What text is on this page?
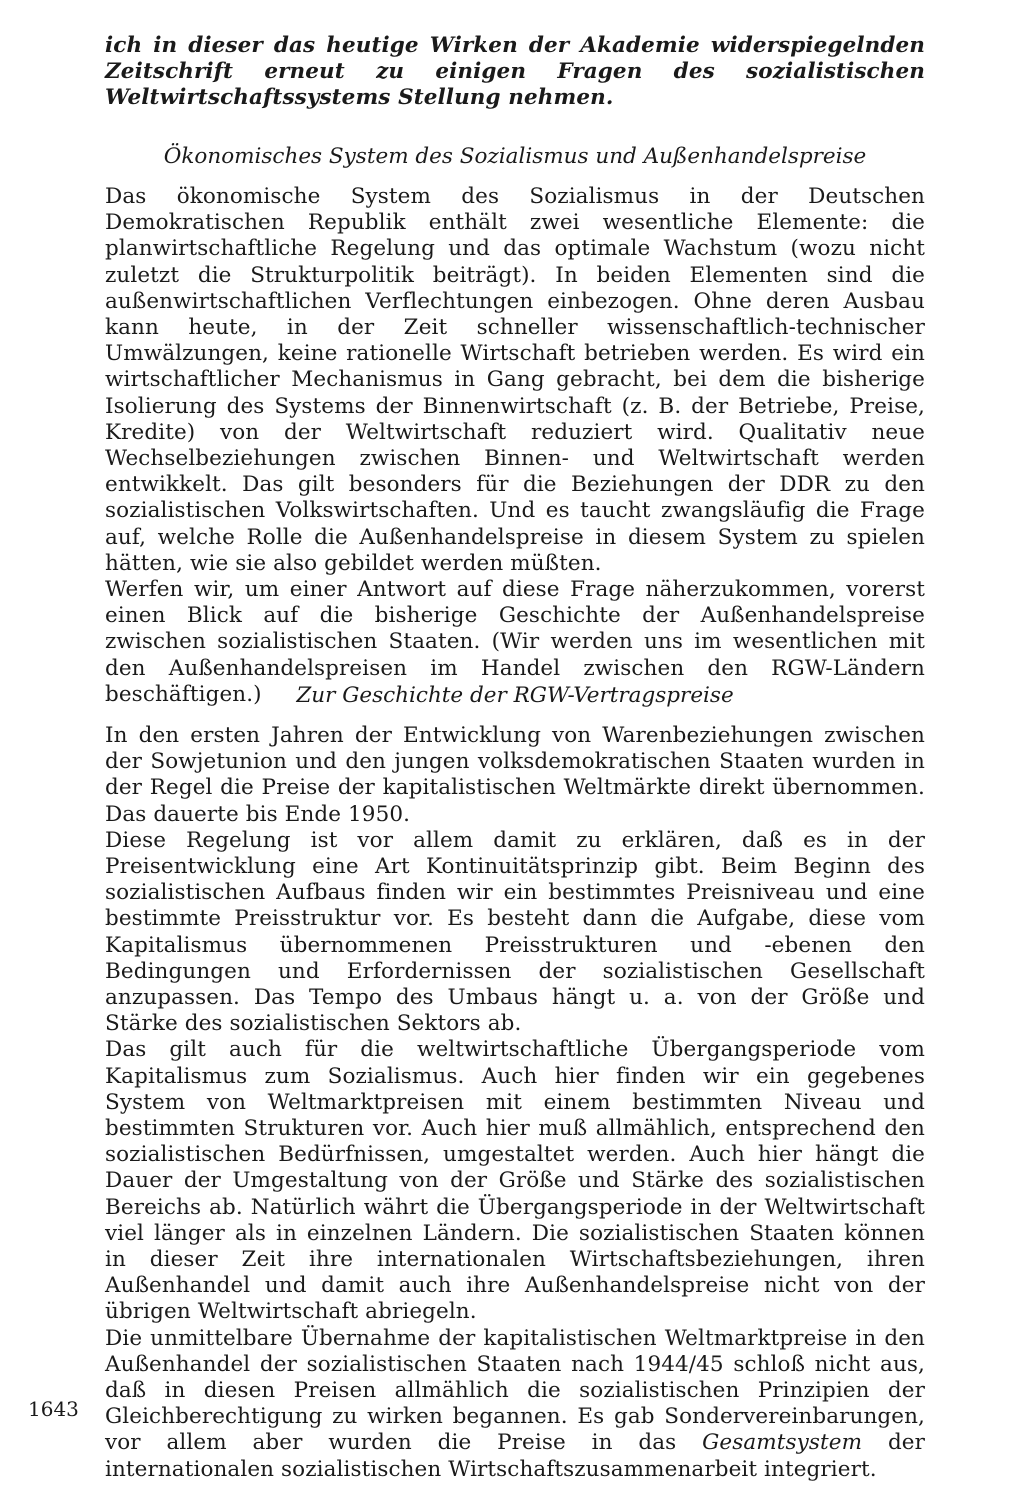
ich in dieser das heutige Wirken der Akademie widerspiegelnden Zeitschrift erneut zu einigen Fragen des sozialistischen Weltwirtschaftssystems Stellung nehmen.

Ökonomisches System des Sozialismus und Außenhandelspreise

Das ökonomische System des Sozialismus in der Deutschen Demokratischen Republik enthält zwei wesentliche Elemente: die planwirtschaftliche Regelung und das optimale Wachstum (wozu nicht zuletzt die Strukturpolitik beiträgt). In beiden Elementen sind die außenwirtschaftlichen Verflechtungen einbezogen. Ohne deren Ausbau kann heute, in der Zeit schneller wissenschaftlich-technischer Umwälzungen, keine rationelle Wirtschaft betrieben werden. Es wird ein wirtschaftlicher Mechanismus in Gang gebracht, bei dem die bisherige Isolierung des Systems der Binnenwirtschaft (z. B. der Betriebe, Preise, Kredite) von der Weltwirtschaft reduziert wird. Qualitativ neue Wechselbeziehungen zwischen Binnen- und Weltwirtschaft werden entwikkelt. Das gilt besonders für die Beziehungen der DDR zu den sozialistischen Volkswirtschaften. Und es taucht zwangsläufig die Frage auf, welche Rolle die Außenhandelspreise in diesem System zu spielen hätten, wie sie also gebildet werden müßten.

Werfen wir, um einer Antwort auf diese Frage näherzukommen, vorerst einen Blick auf die bisherige Geschichte der Außenhandelspreise zwischen sozialistischen Staaten. (Wir werden uns im wesentlichen mit den Außenhandelspreisen im Handel zwischen den RGW-Ländern beschäftigen.)	Zur Geschichte der RGW-Vertragspreise

In den ersten Jahren der Entwicklung von Warenbeziehungen zwischen der Sowjetunion und den jungen volksdemokratischen Staaten wurden in der Regel die Preise der kapitalistischen Weltmärkte direkt übernommen. Das dauerte bis Ende 1950.

Diese Regelung ist vor allem damit zu erklären, daß es in der Preisentwicklung eine Art Kontinuitätsprinzip gibt. Beim Beginn des sozialistischen Aufbaus finden wir ein bestimmtes Preisniveau und eine bestimmte Preisstruktur vor. Es besteht dann die Aufgabe, diese vom Kapitalismus übernommenen Preisstrukturen und -ebenen den Bedingungen und Erfordernissen der sozialistischen Gesellschaft anzupassen. Das Tempo des Umbaus hängt u. a. von der Größe und Stärke des sozialistischen Sektors ab.

Das gilt auch für die weltwirtschaftliche Übergangsperiode vom Kapitalismus zum Sozialismus. Auch hier finden wir ein gegebenes System von Weltmarktpreisen mit einem bestimmten Niveau und bestimmten Strukturen vor. Auch hier muß allmählich, entsprechend den sozialistischen Bedürfnissen, umgestaltet werden. Auch hier hängt die Dauer der Umgestaltung von der Größe und Stärke des sozialistischen Bereichs ab. Natürlich währt die Übergangsperiode in der Weltwirtschaft viel länger als in einzelnen Ländern. Die sozialistischen Staaten können in dieser Zeit ihre internationalen Wirtschaftsbeziehungen, ihren Außenhandel und damit auch ihre Außenhandelspreise nicht von der übrigen Weltwirtschaft abriegeln.

Die unmittelbare Übernahme der kapitalistischen Weltmarktpreise in den Außenhandel der sozialistischen Staaten nach 1944/45 schloß nicht aus, daß in diesen Preisen allmählich die sozialistischen Prinzipien der Gleichberechtigung zu wirken begannen. Es gab Sondervereinbarungen, vor allem aber wurden die Preise in das Gesamtsystem der internationalen sozialistischen Wirtschaftszusammenarbeit integriert.

1643
